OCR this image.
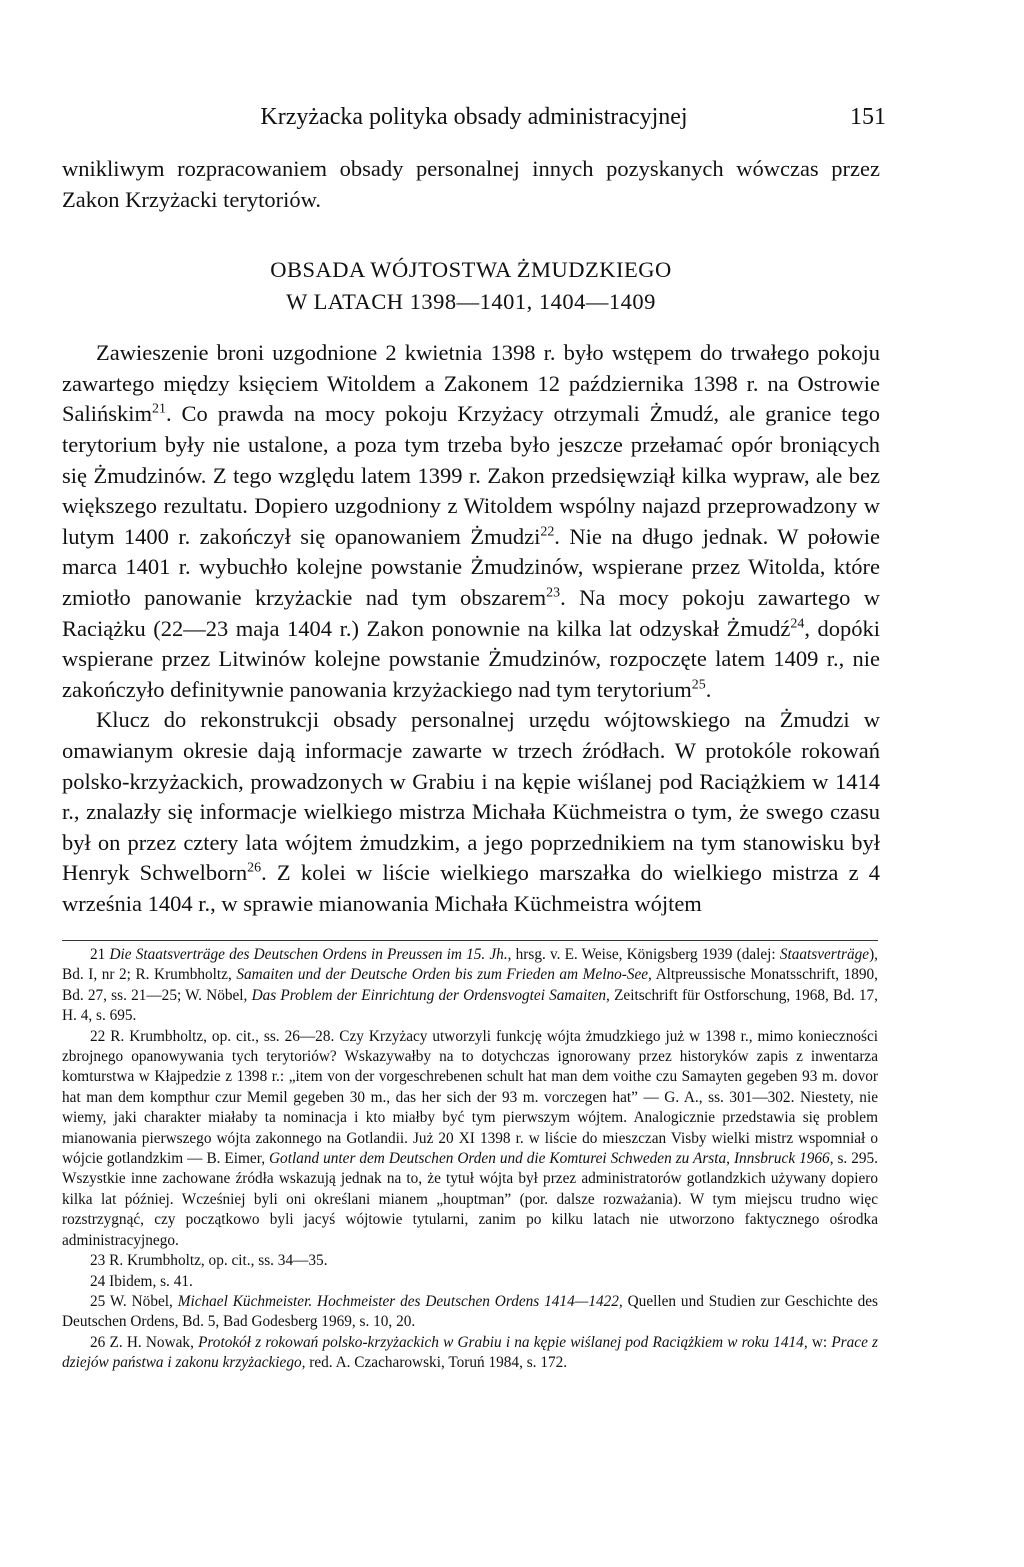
Krzyżacka polityka obsady administracyjnej	151

wnikliwym rozpracowaniem obsady personalnej innych pozyskanych wówczas przez Zakon Krzyżacki terytoriów.

OBSADA WÓJTOSTWA ŻMUDZKIEGO
W LATACH 1398—1401, 1404—1409

Zawieszenie broni uzgodnione 2 kwietnia 1398 r. było wstępem do trwałego pokoju zawartego między księciem Witoldem a Zakonem 12 października 1398 r. na Ostrowie Salińskim$^{21}$. Co prawda na mocy pokoju Krzyżacy otrzymali Żmudź, ale granice tego terytorium były nie ustalone, a poza tym trzeba było jeszcze przełamać opór broniących się Żmudzinów. Z tego względu latem 1399 r. Zakon przedsięwziął kilka wypraw, ale bez większego rezultatu. Dopiero uzgodniony z Witoldem wspólny najazd przeprowadzony w lutym 1400 r. zakończył się opanowaniem Żmudzi$^{22}$. Nie na długo jednak. W połowie marca 1401 r. wybuchło kolejne powstanie Żmudzinów, wspierane przez Witolda, które zmiotło panowanie krzyżackie nad tym obszarem$^{23}$. Na mocy pokoju zawartego w Raciążku (22—23 maja 1404 r.) Zakon ponownie na kilka lat odzyskał Żmudź$^{24}$, dopóki wspierane przez Litwinów kolejne powstanie Żmudzinów, rozpoczęte latem 1409 r., nie zakończyło definitywnie panowania krzyżackiego nad tym terytorium$^{25}$.

Klucz do rekonstrukcji obsady personalnej urzędu wójtowskiego na Żmudzi w omawianym okresie dają informacje zawarte w trzech źródłach. W protokóle rokowań polsko-krzyżackich, prowadzonych w Grabiu i na kępie wiślanej pod Raciążkiem w 1414 r., znalazły się informacje wielkiego mistrza Michała Küchmeistra o tym, że swego czasu był on przez cztery lata wójtem żmudzkim, a jego poprzednikiem na tym stanowisku był Henryk Schwelborn$^{26}$. Z kolei w liście wielkiego marszałka do wielkiego mistrza z 4 września 1404 r., w sprawie mianowania Michała Küchmeistra wójtem

21 Die Staatsverträge des Deutschen Ordens in Preussen im 15. Jh., hrsg. v. E. Weise, Königsberg 1939 (dalej: Staatsverträge), Bd. I, nr 2; R. Krumbholtz, Samaiten und der Deutsche Orden bis zum Frieden am Melno-See, Altpreussische Monatsschrift, 1890, Bd. 27, ss. 21—25; W. Nöbel, Das Problem der Einrichtung der Ordensvogtei Samaiten, Zeitschrift für Ostforschung, 1968, Bd. 17, H. 4, s. 695.

22 R. Krumbholtz, op. cit., ss. 26—28. Czy Krzyżacy utworzyli funkcję wójta żmudzkiego już w 1398 r., mimo konieczności zbrojnego opanowywania tych terytoriów? Wskazywałby na to dotychczas ignorowany przez historyków zapis z inwentarza komturstwa w Kłajpedzie z 1398 r.: „item von der vorgeschrebenen schult hat man dem voithe czu Samayten gegeben 93 m. dovor hat man dem kompthur czur Memil gegeben 30 m., das her sich der 93 m. vorczegen hat” — G. A., ss. 301—302. Niestety, nie wiemy, jaki charakter miałaby ta nominacja i kto miałby być tym pierwszym wójtem. Analogicznie przedstawia się problem mianowania pierwszego wójta zakonnego na Gotlandii. Już 20 XI 1398 r. w liście do mieszczan Visby wielki mistrz wspomniał o wójcie gotlandzkim — B. Eimer, Gotland unter dem Deutschen Orden und die Komturei Schweden zu Arsta, Innsbruck 1966, s. 295. Wszystkie inne zachowane źródła wskazują jednak na to, że tytuł wójta był przez administratorów gotlandzkich używany dopiero kilka lat później. Wcześniej byli oni określani mianem „houptman” (por. dalsze rozważania). W tym miejscu trudno więc rozstrzygnąć, czy początkowo byli jacyś wójtowie tytularni, zanim po kilku latach nie utworzono faktycznego ośrodka administracyjnego.

23 R. Krumbholtz, op. cit., ss. 34—35.

24 Ibidem, s. 41.

25 W. Nöbel, Michael Küchmeister. Hochmeister des Deutschen Ordens 1414—1422, Quellen und Studien zur Geschichte des Deutschen Ordens, Bd. 5, Bad Godesberg 1969, s. 10, 20.

26 Z. H. Nowak, Protokół z rokowań polsko-krzyżackich w Grabiu i na kępie wiślanej pod Raciążkiem w roku 1414, w: Prace z dziejów państwa i zakonu krzyżackiego, red. A. Czacharowski, Toruń 1984, s. 172.
